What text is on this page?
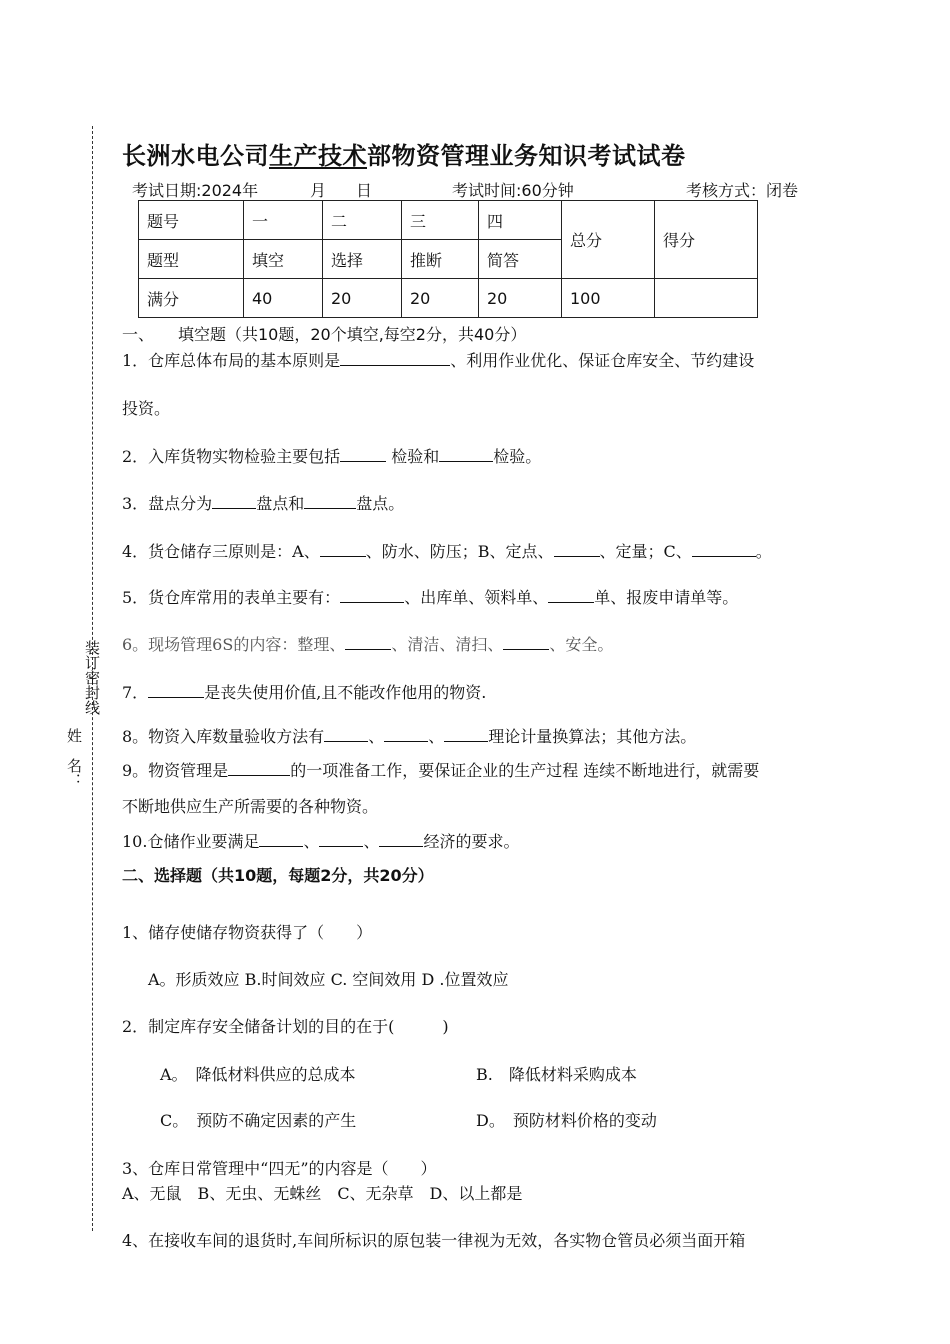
姓　名：
装订密封线
长洲水电公司生产技术部物资管理业务知识考试试卷
考试日期:2024年	月 日	考试时间:60分钟	考核方式：闭卷
题号	一	二	三	四	总分	得分
题型	填空	选择	推断	简答		
满分	40	20	20	20	100	
一、　　填空题（共10题，20个填空,每空2分，共40分）
1．仓库总体布局的基本原则是	、利用作业优化、保证仓库安全、节约建设
投资。
2．入库货物实物检验主要包括	检验和	检验。
3．盘点分为	盘点和	盘点。
4．货仓储存三原则是：A、	、防水、防压；B、定点、	、定量；C、	。
5．货仓库常用的表单主要有：	、出库单、领料单、	单、报废申请单等。
6。现场管理6S的内容：整理、	、清洁、清扫、	、安全。
7．	是丧失使用价值,且不能改作他用的物资.
8。物资入库数量验收方法有	、	、	理论计量换算法；其他方法。
9。物资管理是	的一项准备工作，要保证企业的生产过程 连续不断地进行，就需要
不断地供应生产所需要的各种物资。
10.仓储作业要满足	、	、	经济的要求。
二、选择题（共10题，每题2分，共20分）
1、储存使储存物资获得了（　　）
A。形质效应 B.时间效应 C. 空间效用 D .位置效应
2．制定库存安全储备计划的目的在于(　　　)
A。　降低材料供应的总成本	B.　降低材料采购成本
C。　预防不确定因素的产生	D。　预防材料价格的变动
3、仓库日常管理中“四无”的内容是（　　）
A、无鼠　B、无虫、无蛛丝　C、无杂草　D、以上都是
4、在接收车间的退货时,车间所标识的原包装一律视为无效，各实物仓管员必须当面开箱
